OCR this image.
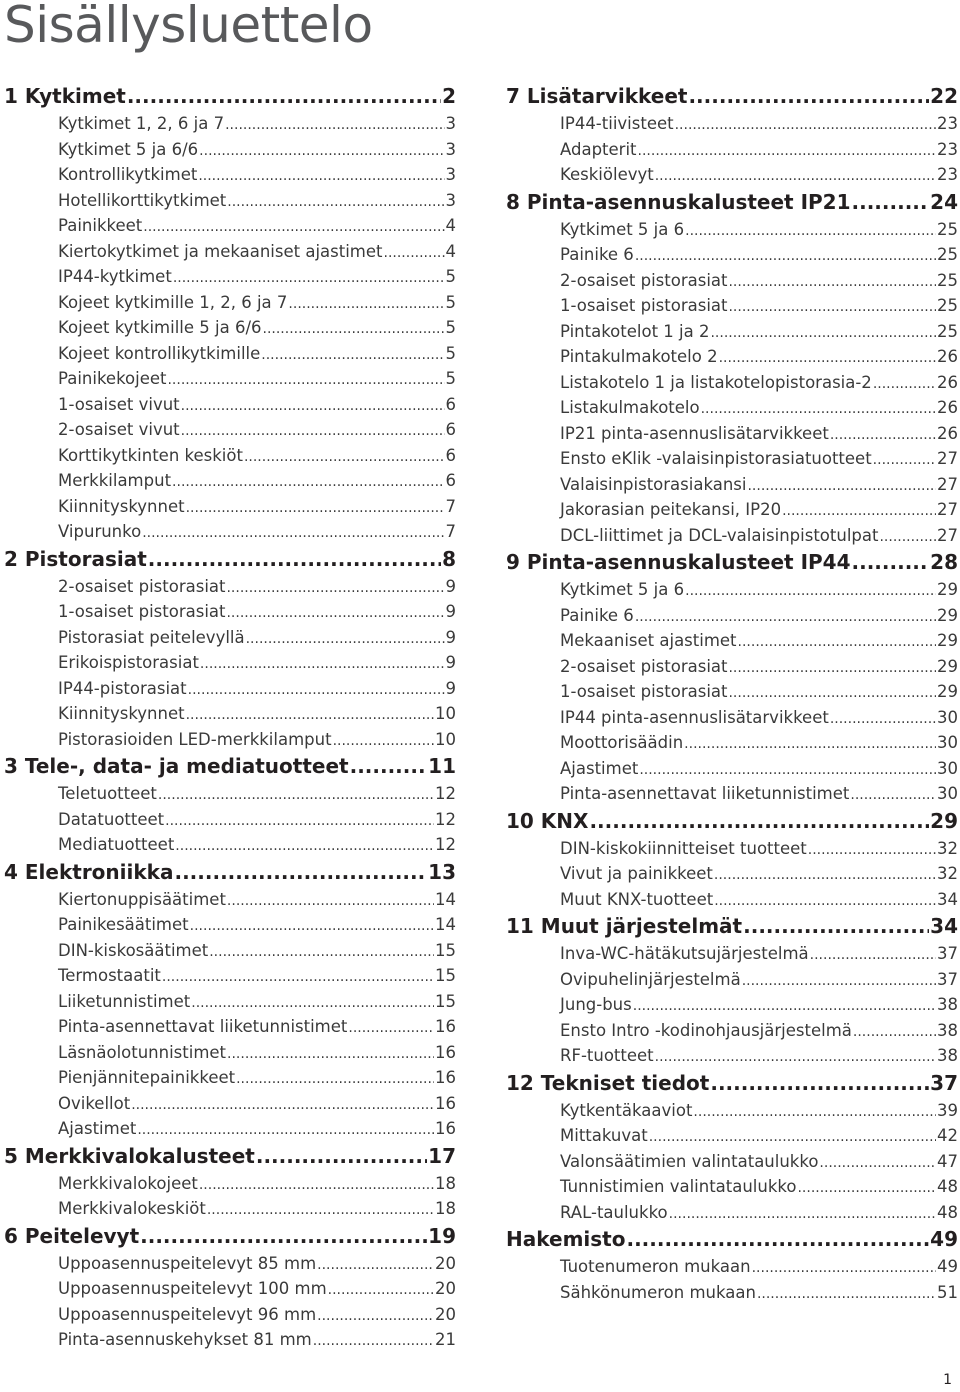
Sisällysluettelo
1 Kytkimet .....	2
Kytkimet 1, 2, 6 ja 7 .....	3
Kytkimet 5 ja 6/6 .....	3
Kontrollikytkimet .....	3
Hotellikorttikytkimet .....	3
Painikkeet .....	4
Kiertokytkimet ja mekaaniset ajastimet .....	4
IP44-kytkimet .....	5
Kojeet kytkimille 1, 2, 6 ja 7 .....	5
Kojeet kytkimille 5 ja 6/6 .....	5
Kojeet kontrollikytkimille .....	5
Painikekojeet .....	5
1-osaiset vivut .....	6
2-osaiset vivut .....	6
Korttikytkinten keskiöt .....	6
Merkkilamput .....	6
Kiinnityskynnet .....	7
Vipurunko .....	7
2 Pistorasiat .....	8
2-osaiset pistorasiat .....	9
1-osaiset pistorasiat .....	9
Pistorasiat peitelevyllä .....	9
Erikoispistorasiat .....	9
IP44-pistorasiat .....	9
Kiinnityskynnet .....	10
Pistorasioiden LED-merkkilamput .....	10
3 Tele-, data- ja mediatuotteet .....	11
Teletuotteet .....	12
Datatuotteet .....	12
Mediatuotteet .....	12
4 Elektroniikka .....	13
Kiertonuppisäätimet .....	14
Painikesäätimet .....	14
DIN-kiskosäätimet .....	15
Termostaatit .....	15
Liiketunnistimet .....	15
Pinta-asennettavat liiketunnistimet .....	16
Läsnäolotunnistimet .....	16
Pienjännitepainikkeet .....	16
Ovikellot .....	16
Ajastimet .....	16
5 Merkkivalokalusteet .....	17
Merkkivalokojeet .....	18
Merkkivalokeskiöt .....	18
6 Peitelevyt .....	19
Uppoasennuspeitelevyt 85 mm .....	20
Uppoasennuspeitelevyt 100 mm .....	20
Uppoasennuspeitelevyt 96 mm .....	20
Pinta-asennuskehykset 81 mm .....	21
7 Lisätarvikkeet .....	22
IP44-tiivisteet .....	23
Adapterit .....	23
Keskiölevyt .....	23
8 Pinta-asennuskalusteet IP21 .....	24
Kytkimet 5 ja 6 .....	25
Painike 6 .....	25
2-osaiset pistorasiat .....	25
1-osaiset pistorasiat .....	25
Pintakotelot 1 ja 2 .....	25
Pintakulmakotelo 2 .....	26
Listakotelo 1 ja listakotelopistorasia-2 .....	26
Listakulmakotelo .....	26
IP21 pinta-asennuslisätarvikkeet .....	26
Ensto eKlik -valaisinpistorasiatuotteet .....	27
Valaisinpistorasiakansi .....	27
Jakorasian peitekansi, IP20 .....	27
DCL-liittimet ja DCL-valaisinpistotulpat .....	27
9 Pinta-asennuskalusteet IP44 .....	28
Kytkimet 5 ja 6 .....	29
Painike 6 .....	29
Mekaaniset ajastimet .....	29
2-osaiset pistorasiat .....	29
1-osaiset pistorasiat .....	29
IP44 pinta-asennuslisätarvikkeet .....	30
Moottorisäädin .....	30
Ajastimet .....	30
Pinta-asennettavat liiketunnistimet .....	30
10 KNX .....	29
DIN-kiskokiinnitteiset tuotteet .....	32
Vivut ja painikkeet .....	32
Muut KNX-tuotteet .....	34
11 Muut järjestelmät .....	34
Inva-WC-hätäkutsujärjestelmä .....	37
Ovipuhelinjärjestelmä .....	37
Jung-bus .....	38
Ensto Intro -kodinohjausjärjestelmä .....	38
RF-tuotteet .....	38
12 Tekniset tiedot .....	37
Kytkentäkaaviot .....	39
Mittakuvat .....	42
Valonsäätimien valintataulukko .....	47
Tunnistimien valintataulukko .....	48
RAL-taulukko .....	48
Hakemisto .....	49
Tuotenumeron mukaan .....	49
Sähkönumeron mukaan .....	51
1
